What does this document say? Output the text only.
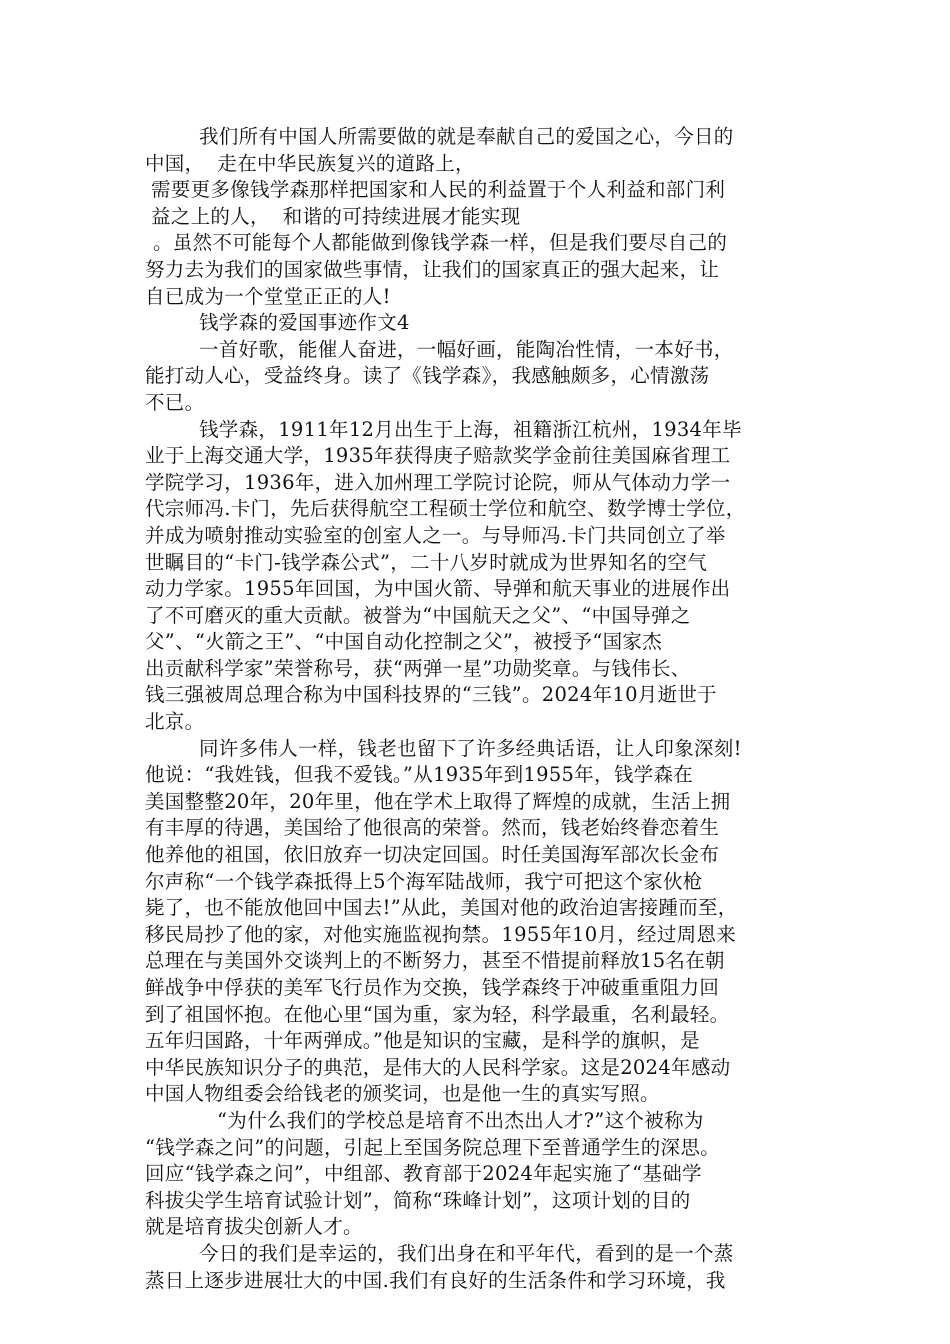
我们所有中国人所需要做的就是奉献自己的爱国之心，今日的
中国，  走在中华民族复兴的道路上，
需要更多像钱学森那样把国家和人民的利益置于个人利益和部门利
益之上的人，  和谐的可持续进展才能实现
。虽然不可能每个人都能做到像钱学森一样，但是我们要尽自己的
努力去为我们的国家做些事情，让我们的国家真正的强大起来，让
自已成为一个堂堂正正的人!
钱学森的爱国事迹作文4
一首好歌，能催人奋进，一幅好画，能陶冶性情，一本好书，
能打动人心，受益终身。读了《钱学森》，我感触颇多，心情激荡
不已。
钱学森，1911年12月出生于上海，祖籍浙江杭州，1934年毕
业于上海交通大学，1935年获得庚子赔款奖学金前往美国麻省理工
学院学习，1936年，进入加州理工学院讨论院，师从气体动力学一
代宗师冯.卡门，先后获得航空工程硕士学位和航空、数学博士学位，
并成为喷射推动实验室的创室人之一。与导师冯.卡门共同创立了举
世瞩目的“卡门-钱学森公式”，二十八岁时就成为世界知名的空气
动力学家。1955年回国，为中国火箭、导弹和航天事业的进展作出
了不可磨灭的重大贡献。被誉为“中国航天之父”、“中国导弹之
父”、“火箭之王”、“中国自动化控制之父”，被授予“国家杰
出贡献科学家”荣誉称号，获“两弹一星”功勋奖章。与钱伟长、
钱三强被周总理合称为中国科技界的“三钱”。2024年10月逝世于
北京。
同许多伟人一样，钱老也留下了许多经典话语，让人印象深刻!
他说：“我姓钱，但我不爱钱。”从1935年到1955年，钱学森在
美国整整20年，20年里，他在学术上取得了辉煌的成就，生活上拥
有丰厚的待遇，美国给了他很高的荣誉。然而，钱老始终眷恋着生
他养他的祖国，依旧放弃一切决定回国。时任美国海军部次长金布
尔声称“一个钱学森抵得上5个海军陆战师，我宁可把这个家伙枪
毙了，也不能放他回中国去!”从此，美国对他的政治迫害接踵而至，
移民局抄了他的家，对他实施监视拘禁。1955年10月，经过周恩来
总理在与美国外交谈判上的不断努力，甚至不惜提前释放15名在朝
鲜战争中俘获的美军飞行员作为交换，钱学森终于冲破重重阻力回
到了祖国怀抱。在他心里“国为重，家为轻，科学最重，名利最轻。
五年归国路，十年两弹成。”他是知识的宝藏，是科学的旗帜，是
中华民族知识分子的典范，是伟大的人民科学家。这是2024年感动
中国人物组委会给钱老的颁奖词，也是他一生的真实写照。
“为什么我们的学校总是培育不出杰出人才?”这个被称为
“钱学森之问”的问题，引起上至国务院总理下至普通学生的深思。
回应“钱学森之问”，中组部、教育部于2024年起实施了“基础学
科拔尖学生培育试验计划”，简称“珠峰计划”，这项计划的目的
就是培育拔尖创新人才。
今日的我们是幸运的，我们出身在和平年代，看到的是一个蒸
蒸日上逐步进展壮大的中国.我们有良好的生活条件和学习环境，我
